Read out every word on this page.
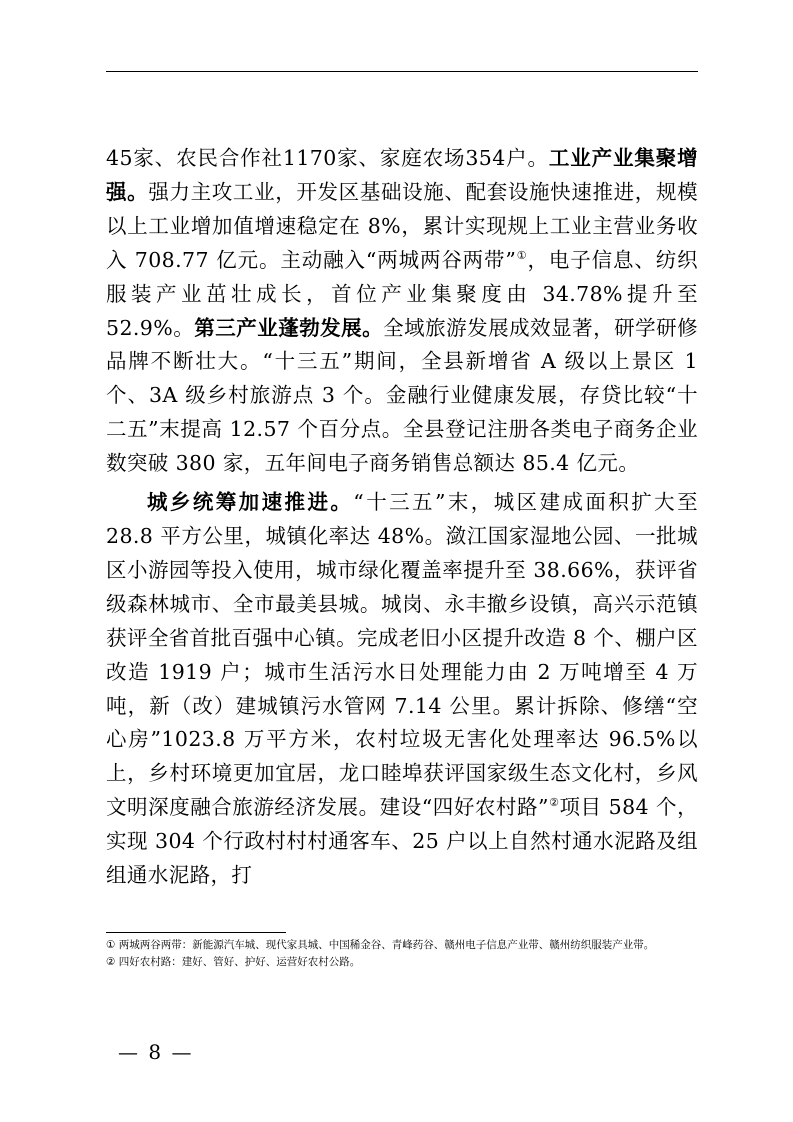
45家、农民合作社1170家、家庭农场354户。工业产业集聚增强。强力主攻工业，开发区基础设施、配套设施快速推进，规模以上工业增加值增速稳定在 8%，累计实现规上工业主营业务收入 708.77 亿元。主动融入“两城两谷两带”①，电子信息、纺织服装产业茁壮成长，首位产业集聚度由 34.78%提升至 52.9%。第三产业蓬勃发展。全域旅游发展成效显著，研学研修品牌不断壮大。“十三五”期间，全县新增省 A 级以上景区 1 个、3A 级乡村旅游点 3 个。金融行业健康发展，存贷比较“十二五”末提高 12.57 个百分点。全县登记注册各类电子商务企业数突破 380 家，五年间电子商务销售总额达 85.4 亿元。

城乡统筹加速推进。“十三五”末，城区建成面积扩大至 28.8 平方公里，城镇化率达 48%。潋江国家湿地公园、一批城区小游园等投入使用，城市绿化覆盖率提升至 38.66%，获评省级森林城市、全市最美县城。城岗、永丰撤乡设镇，高兴示范镇获评全省首批百强中心镇。完成老旧小区提升改造 8 个、棚户区改造 1919 户；城市生活污水日处理能力由 2 万吨增至 4 万吨，新（改）建城镇污水管网 7.14 公里。累计拆除、修缮“空心房”1023.8 万平方米，农村垃圾无害化处理率达 96.5%以上，乡村环境更加宜居，龙口睦埠获评国家级生态文化村，乡风文明深度融合旅游经济发展。建设“四好农村路”②项目 584 个，实现 304 个行政村村村通客车、25 户以上自然村通水泥路及组组通水泥路，打

① 两城两谷两带：新能源汽车城、现代家具城、中国稀金谷、青峰药谷、赣州电子信息产业带、赣州纺织服装产业带。

② 四好农村路：建好、管好、护好、运营好农村公路。

— 8 —
